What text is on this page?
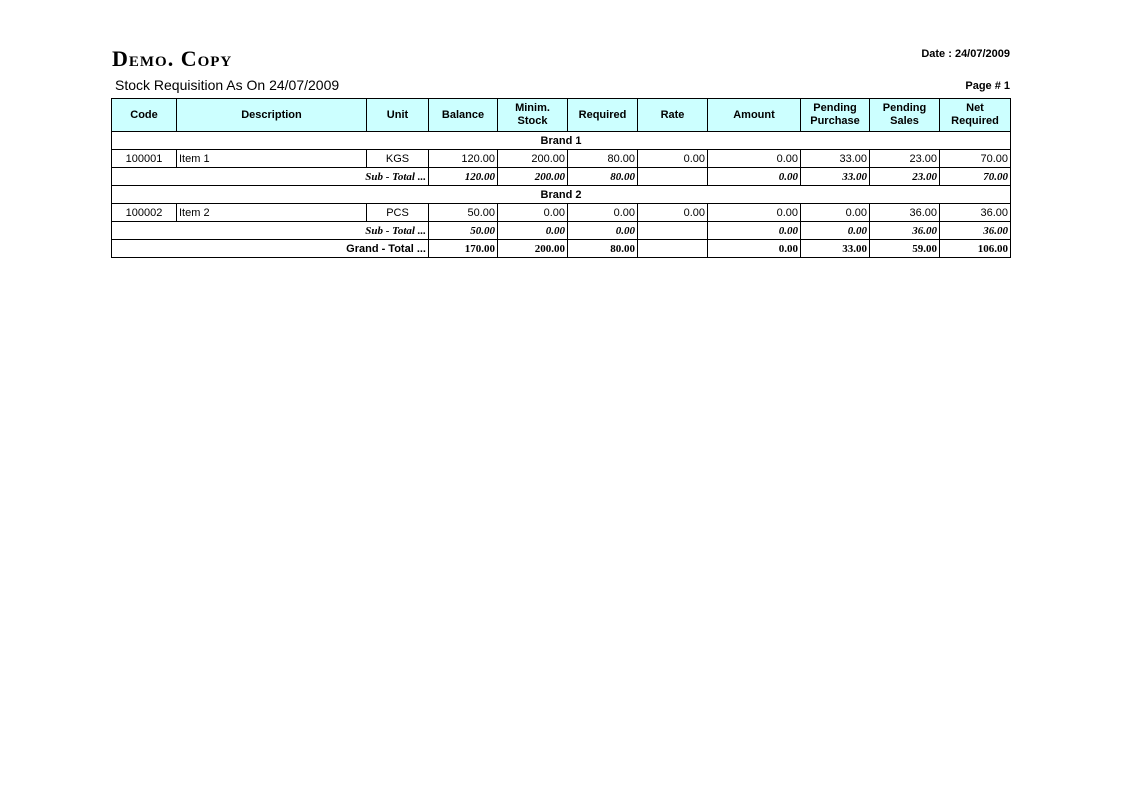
Demo. Copy	Date : 24/07/2009
Stock Requisition As On 24/07/2009	Page # 1
Code	Description	Unit	Balance	Minim. Stock	Required	Rate	Amount	Pending Purchase	Pending Sales	Net Required
Brand 1										
100001	Item 1	KGS	120.00	200.00	80.00	0.00	0.00	33.00	23.00	70.00
Sub - Total ...			120.00	200.00	80.00		0.00	33.00	23.00	70.00
Brand 2										
100002	Item 2	PCS	50.00	0.00	0.00	0.00	0.00	0.00	36.00	36.00
Sub - Total ...			50.00	0.00	0.00		0.00	0.00	36.00	36.00
Grand - Total ...			170.00	200.00	80.00		0.00	33.00	59.00	106.00
